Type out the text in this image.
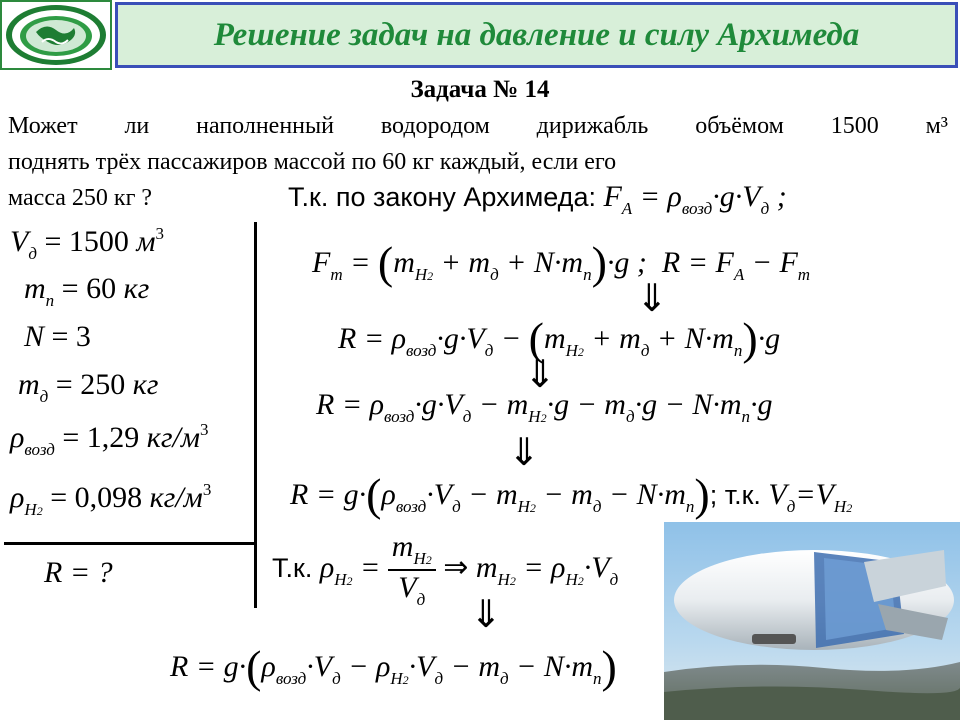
Решение задач на давление и силу Архимеда
Задача № 14
Может ли наполненный водородом дирижабль объёмом 1500 м³
поднять трёх пассажиров массой по 60 кг каждый, если его
масса 250 кг ?
$V_д = 1500$ $м^3$
$m_п = 60$ кг
N = 3
$m_д = 250$ кг
$\rho_{возд} = 1,29$ $кг/м^3$
$\rho_{H2} = 0,098$ $кг/м^3$
R = ?
Т.к. по закону Архимеда: $F_A = \rho_{возд}\cdot g\cdot V_д$ ;
$F_т = (m_{H2} + m_д + N\cdot m_п)\cdot g$ ;  $R = F_A - F_т$
⇓
$R = \rho_{возд}\cdot g\cdot V_д - (m_{H2} + m_д + N\cdot m_п)\cdot g$
⇓
$R = \rho_{возд}\cdot g\cdot V_д - m_{H2}\cdot g - m_д\cdot g - N\cdot m_п\cdot g$
⇓
$R = g\cdot(\rho_{возд}\cdot V_д - m_{H2} - m_д - N\cdot m_п)$; т.к. $V_д=V_{H2}$
Т.к. $\rho_{H2} = \frac{m_{H2}}{V_д}$ ⇒ $m_{H2} = \rho_{H2}\cdot V_д$
⇓
$R = g\cdot(\rho_{возд}\cdot V_д - \rho_{H2}\cdot V_д - m_д - N\cdot m_п)$
